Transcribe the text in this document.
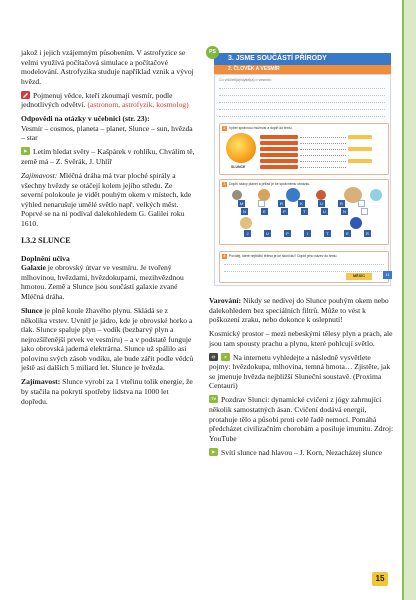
jakož i jejich vzájemným působením. V astrofyzice se velmi využívá počítačová simulace a počítačové modelování. Astrofyzika studuje například vznik a vývoj hvězd.

Pojmenuj vědce, kteří zkoumají vesmír, podle jednotlivých odvětví. (astronom, astrofyzik, kosmolog)

Odpovědi na otázky v učebnici (str. 23):

Vesmír – cosmos, planeta – planet, Slunce – sun, hvězda – star

▶ Letím hledat světy – Kašpárek v rohlíku, Chválím tě, země má – Z. Svěrák, J. Uhlíř

Zajímavost: Mléčná dráha má tvar ploché spirály a všechny hvězdy se otáčejí kolem jejího středu. Ze severní polokoule je vidět pouhým okem v místech, kde výhled nenarušuje umělé světlo např. velkých měst. Poprvé se na ni podíval dalekohledem G. Galilei roku 1610.

I.3.2 SLUNCE

Doplnění učiva

Galaxie je obrovský útvar ve vesmíru. Je tvořený mlhovinou, hvězdami, hvězdokupami, mezihvězdnou hmotou. Země a Slunce jsou součástí galaxie zvané Mléčná dráha.

Slunce je plně koule žhavého plynu. Skládá se z několika vrstev. Uvnitř je jádro, kde je obrovské horko a tlak. Slunce spaluje plyn – vodík (bezbarvý plyn a nejrozšířenější prvek ve vesmíru) – a v podstatě funguje jako obrovská jaderná elektrárna. Slunce už spálilo asi polovinu svých zásob vodíku, ale bude zářit podle vědců ještě asi dalších 5 miliard let. Slunce je hvězda.

Zajímavost: Slunce vyrobí za 1 vteřinu tolik energie, že by stačila na pokrytí spotřeby lidstva na 1000 let dopředu.

3. JSME SOUČÁSTÍ PŘÍRODY
2. ČLOVĚK A VESMÍR
PS
Co víš/četl(a)/slyšel(a) o vesmíru
2 Vyber správnou možnost a doplň do textu.
SLUNCE
3 Doplň názvy planet a přiřaď je ke správnému obrázku.
M	R	K	U	R
N	E	P	T	U	N
J	U	P	I	T	E	R
4 Povídej, které nejbližší těleso je ke sluníčku? Doplň jeho název do textu.
MĚSÍC	11

Varování: Nikdy se nedívej do Slunce pouhým okem nebo dalekohledem bez speciálních filtrů. Může to vést k poškození zraku, nebo dokonce k oslepnutí!

Kosmický prostor – mezi nebeskými tělesy plyn a prach, ale jsou tam spousty prachu a plynu, které pohlcují světlo.

@	⌕ Na internetu vyhledejte a následně vysvětlete pojmy: hvězdokupa, mlhovina, temná hmota… Zjistěte, jak se jmenuje hvězda nejbližší Sluneční soustavě. (Proxima Centauri)

TV Pozdrav Slunci: dynamické cvičení z jógy zahrnující několik samostatných ásan. Cvičení dodává energii, protahuje tělo a působí proti celé řadě nemocí. Pomáhá předcházet civilizačním chorobám a posiluje imunitu. Zdroj: YouTube

▶ Svítí slunce nad hlavou – J. Korn, Nezacházej slunce

15
